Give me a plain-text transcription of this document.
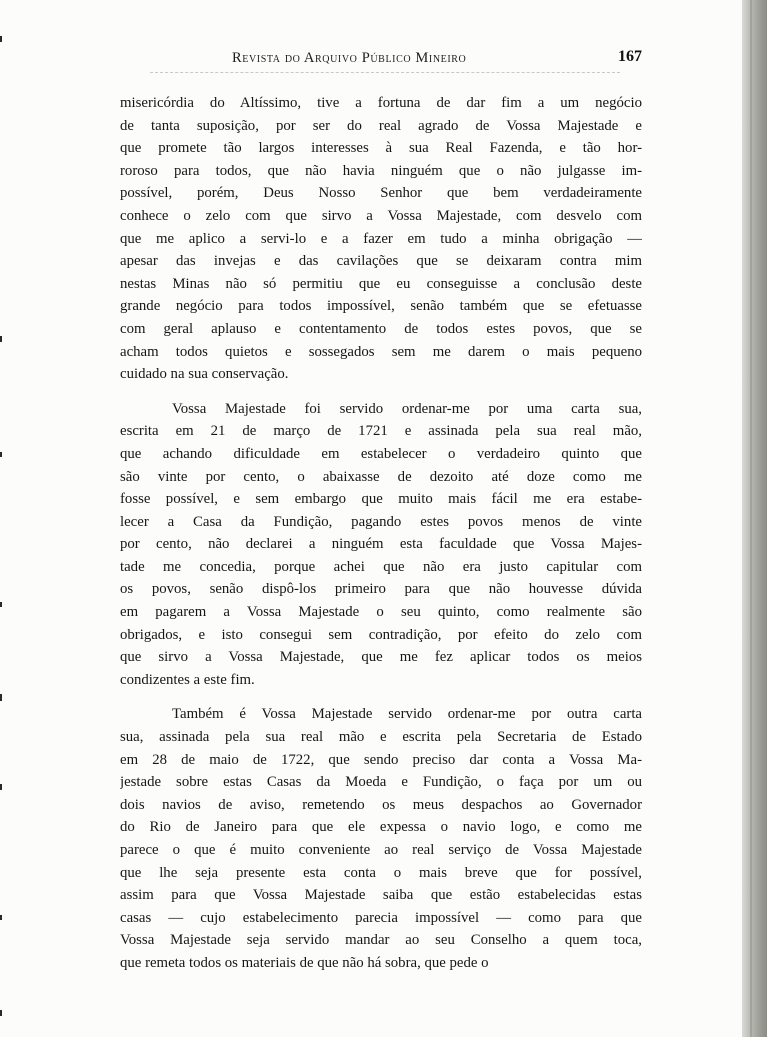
Revista do Arquivo Público Mineiro	167
misericórdia do Altíssimo, tive a fortuna de dar fim a um negócio
de tanta suposição, por ser do real agrado de Vossa Majestade e
que promete tão largos interesses à sua Real Fazenda, e tão hor-
roroso para todos, que não havia ninguém que o não julgasse im-
possível, porém, Deus Nosso Senhor que bem verdadeiramente
conhece o zelo com que sirvo a Vossa Majestade, com desvelo com
que me aplico a servi-lo e a fazer em tudo a minha obrigação —
apesar das invejas e das cavilações que se deixaram contra mim
nestas Minas não só permitiu que eu conseguisse a conclusão deste
grande negócio para todos impossível, senão também que se efetuasse
com geral aplauso e contentamento de todos estes povos, que se
acham todos quietos e sossegados sem me darem o mais pequeno
cuidado na sua conservação.
Vossa Majestade foi servido ordenar-me por uma carta sua,
escrita em 21 de março de 1721 e assinada pela sua real mão,
que achando dificuldade em estabelecer o verdadeiro quinto que
são vinte por cento, o abaixasse de dezoito até doze como me
fosse possível, e sem embargo que muito mais fácil me era estabe-
lecer a Casa da Fundição, pagando estes povos menos de vinte
por cento, não declarei a ninguém esta faculdade que Vossa Majes-
tade me concedia, porque achei que não era justo capitular com
os povos, senão dispô-los primeiro para que não houvesse dúvida
em pagarem a Vossa Majestade o seu quinto, como realmente são
obrigados, e isto consegui sem contradição, por efeito do zelo com
que sirvo a Vossa Majestade, que me fez aplicar todos os meios
condizentes a este fim.
Também é Vossa Majestade servido ordenar-me por outra carta
sua, assinada pela sua real mão e escrita pela Secretaria de Estado
em 28 de maio de 1722, que sendo preciso dar conta a Vossa Ma-
jestade sobre estas Casas da Moeda e Fundição, o faça por um ou
dois navios de aviso, remetendo os meus despachos ao Governador
do Rio de Janeiro para que ele expessa o navio logo, e como me
parece o que é muito conveniente ao real serviço de Vossa Majestade
que lhe seja presente esta conta o mais breve que for possível,
assim para que Vossa Majestade saiba que estão estabelecidas estas
casas — cujo estabelecimento parecia impossível — como para que
Vossa Majestade seja servido mandar ao seu Conselho a quem toca,
que remeta todos os materiais de que não há sobra, que pede o
